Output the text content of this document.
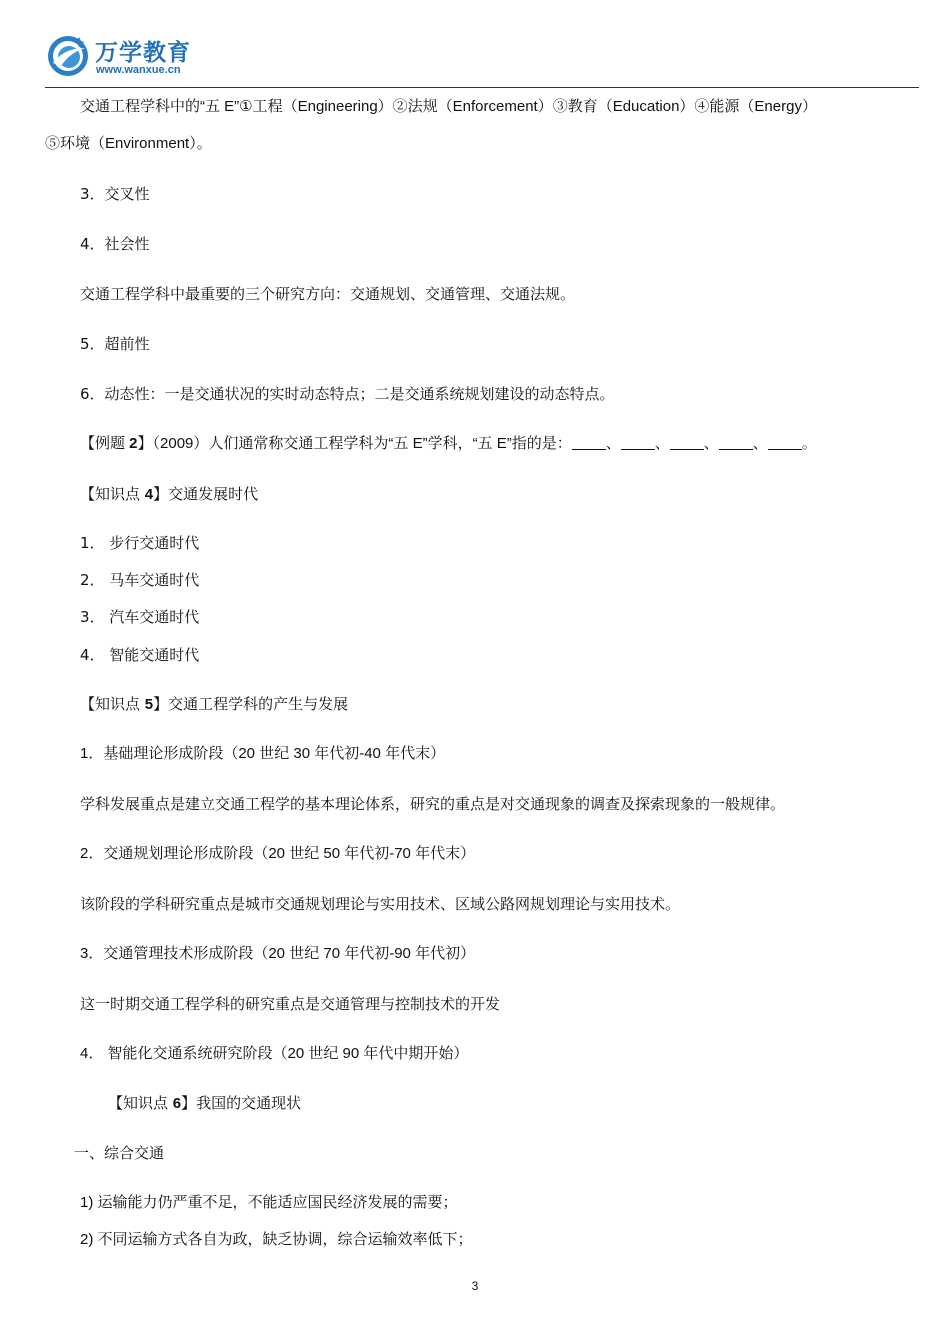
万学教育
www.wanxue.cn
交通工程学科中的“五 E”①工程（Engineering）②法规（Enforcement）③教育（Education）④能源（Energy）
⑤环境（Environment）。
3．交叉性
4．社会性
交通工程学科中最重要的三个研究方向：交通规划、交通管理、交通法规。
5．超前性
6．动态性：一是交通状况的实时动态特点；二是交通系统规划建设的动态特点。
【例题 2】（2009）人们通常称交通工程学科为“五 E”学科，“五 E”指的是： 、 、 、 、 。
【知识点 4】交通发展时代
1． 步行交通时代
2． 马车交通时代
3． 汽车交通时代
4． 智能交通时代
【知识点 5】交通工程学科的产生与发展
1．基础理论形成阶段（20 世纪 30 年代初-40 年代末）
学科发展重点是建立交通工程学的基本理论体系，研究的重点是对交通现象的调查及探索现象的一般规律。
2．交通规划理论形成阶段（20 世纪 50 年代初-70 年代末）
该阶段的学科研究重点是城市交通规划理论与实用技术、区域公路网规划理论与实用技术。
3．交通管理技术形成阶段（20 世纪 70 年代初-90 年代初）
这一时期交通工程学科的研究重点是交通管理与控制技术的开发
4． 智能化交通系统研究阶段（20 世纪 90 年代中期开始）
【知识点 6】我国的交通现状
一、综合交通
1) 运输能力仍严重不足，不能适应国民经济发展的需要；
2) 不同运输方式各自为政，缺乏协调，综合运输效率低下；
3
